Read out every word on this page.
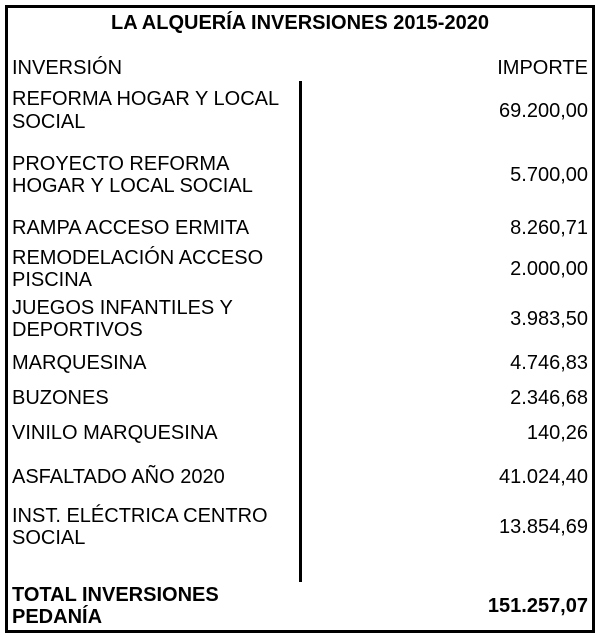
LA ALQUERÍA INVERSIONES 2015-2020	

INVERSIÓN IMPORTE	

REFORMA HOGAR Y LOCAL SOCIAL	69.200,00
PROYECTO REFORMA HOGAR Y LOCAL SOCIAL	5.700,00
RAMPA ACCESO ERMITA	8.260,71
REMODELACIÓN ACCESO PISCINA	2.000,00
JUEGOS INFANTILES Y DEPORTIVOS	3.983,50
MARQUESINA	4.746,83
BUZONES	2.346,68
VINILO MARQUESINA	140,26
ASFALTADO AÑO 2020	41.024,40
INST. ELÉCTRICA CENTRO SOCIAL	13.854,69

TOTAL INVERSIONES PEDANÍA	151.257,07
